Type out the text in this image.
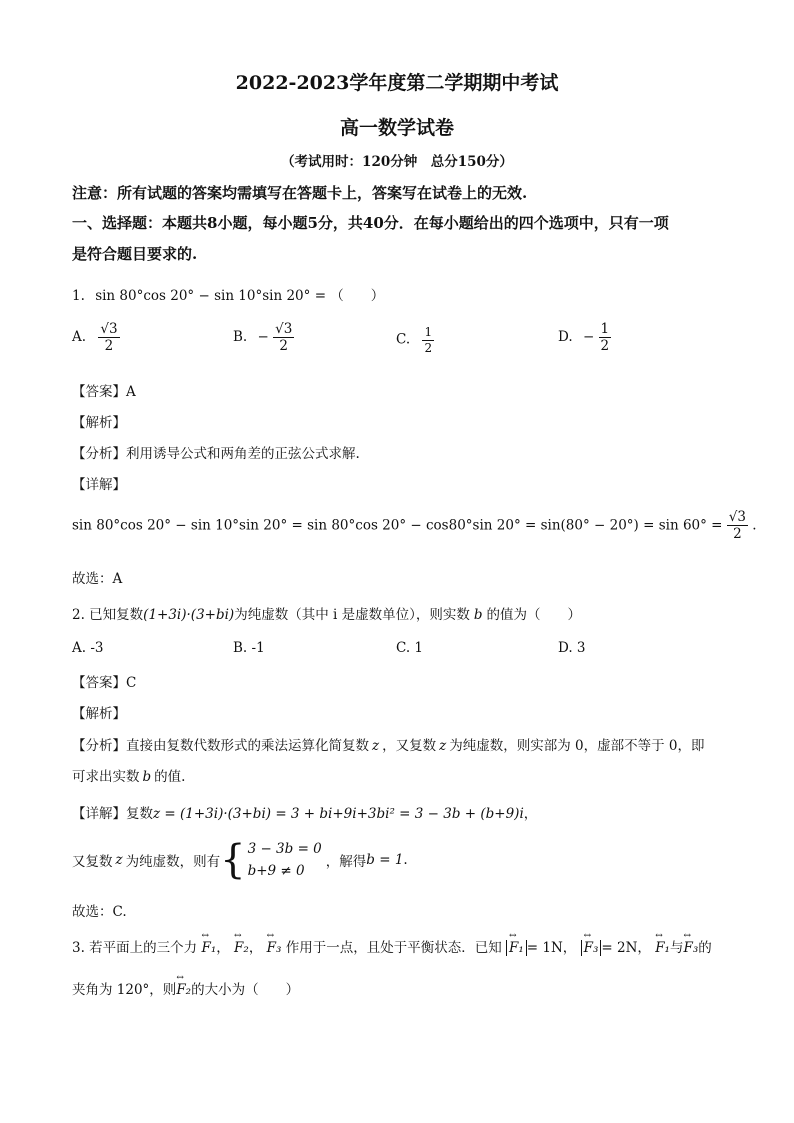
2022-2023学年度第二学期期中考试
高一数学试卷
（考试用时：120分钟　总分150分）
注意：所有试题的答案均需填写在答题卡上，答案写在试卷上的无效.
一、选择题：本题共8小题，每小题5分，共40分．在每小题给出的四个选项中，只有一项
是符合题目要求的.
1. sin 80°cos 20° − sin 10°sin 20° = （　　）
A. $\frac{√3}{2}$	B. − $\frac{√3}{2}$	C. $\frac{1}{2}$	D. − $\frac{1}{2}$
【答案】A
【解析】
【分析】利用诱导公式和两角差的正弦公式求解.
【详解】
sin 80°cos 20° − sin 10°sin 20° = sin 80°cos 20° − cos80°sin $20^\circ = \sin(80^\circ - 20^\circ) = \sin 60^\circ = \frac{√3}{2}$ .
故选：A
2. 已知复数(1+3i)·(3+bi)为纯虚数（其中 i 是虚数单位），则实数 b 的值为（　　）
A. -3	B. -1	C. 1	D. 3
【答案】C
【解析】
【分析】直接由复数代数形式的乘法运算化简复数 z ，又复数 z 为纯虚数，则实部为 0，虚部不等于 0，即
可求出实数 b 的值.
【详解】复数z = (1+3i)·(3+bi) = 3 + bi+9i+3bi² = 3 − 3b + (b+9)i，
又复数 z 为纯虚数，则有 { 3 − 3b = 0
b+9 ≠ 0
，解得 b = 1 .
故选：C.
3. 若平面上的三个力 ↔ F₁， ↔ F₂， ↔ F₃ 作用于一点，且处于平衡状态．已知 ↔ F₁ = 1N， ↔ F₃ = 2N， ↔ F₁与↔ F₃的
夹角为 120°，则↔ F₂的大小为（　　）
